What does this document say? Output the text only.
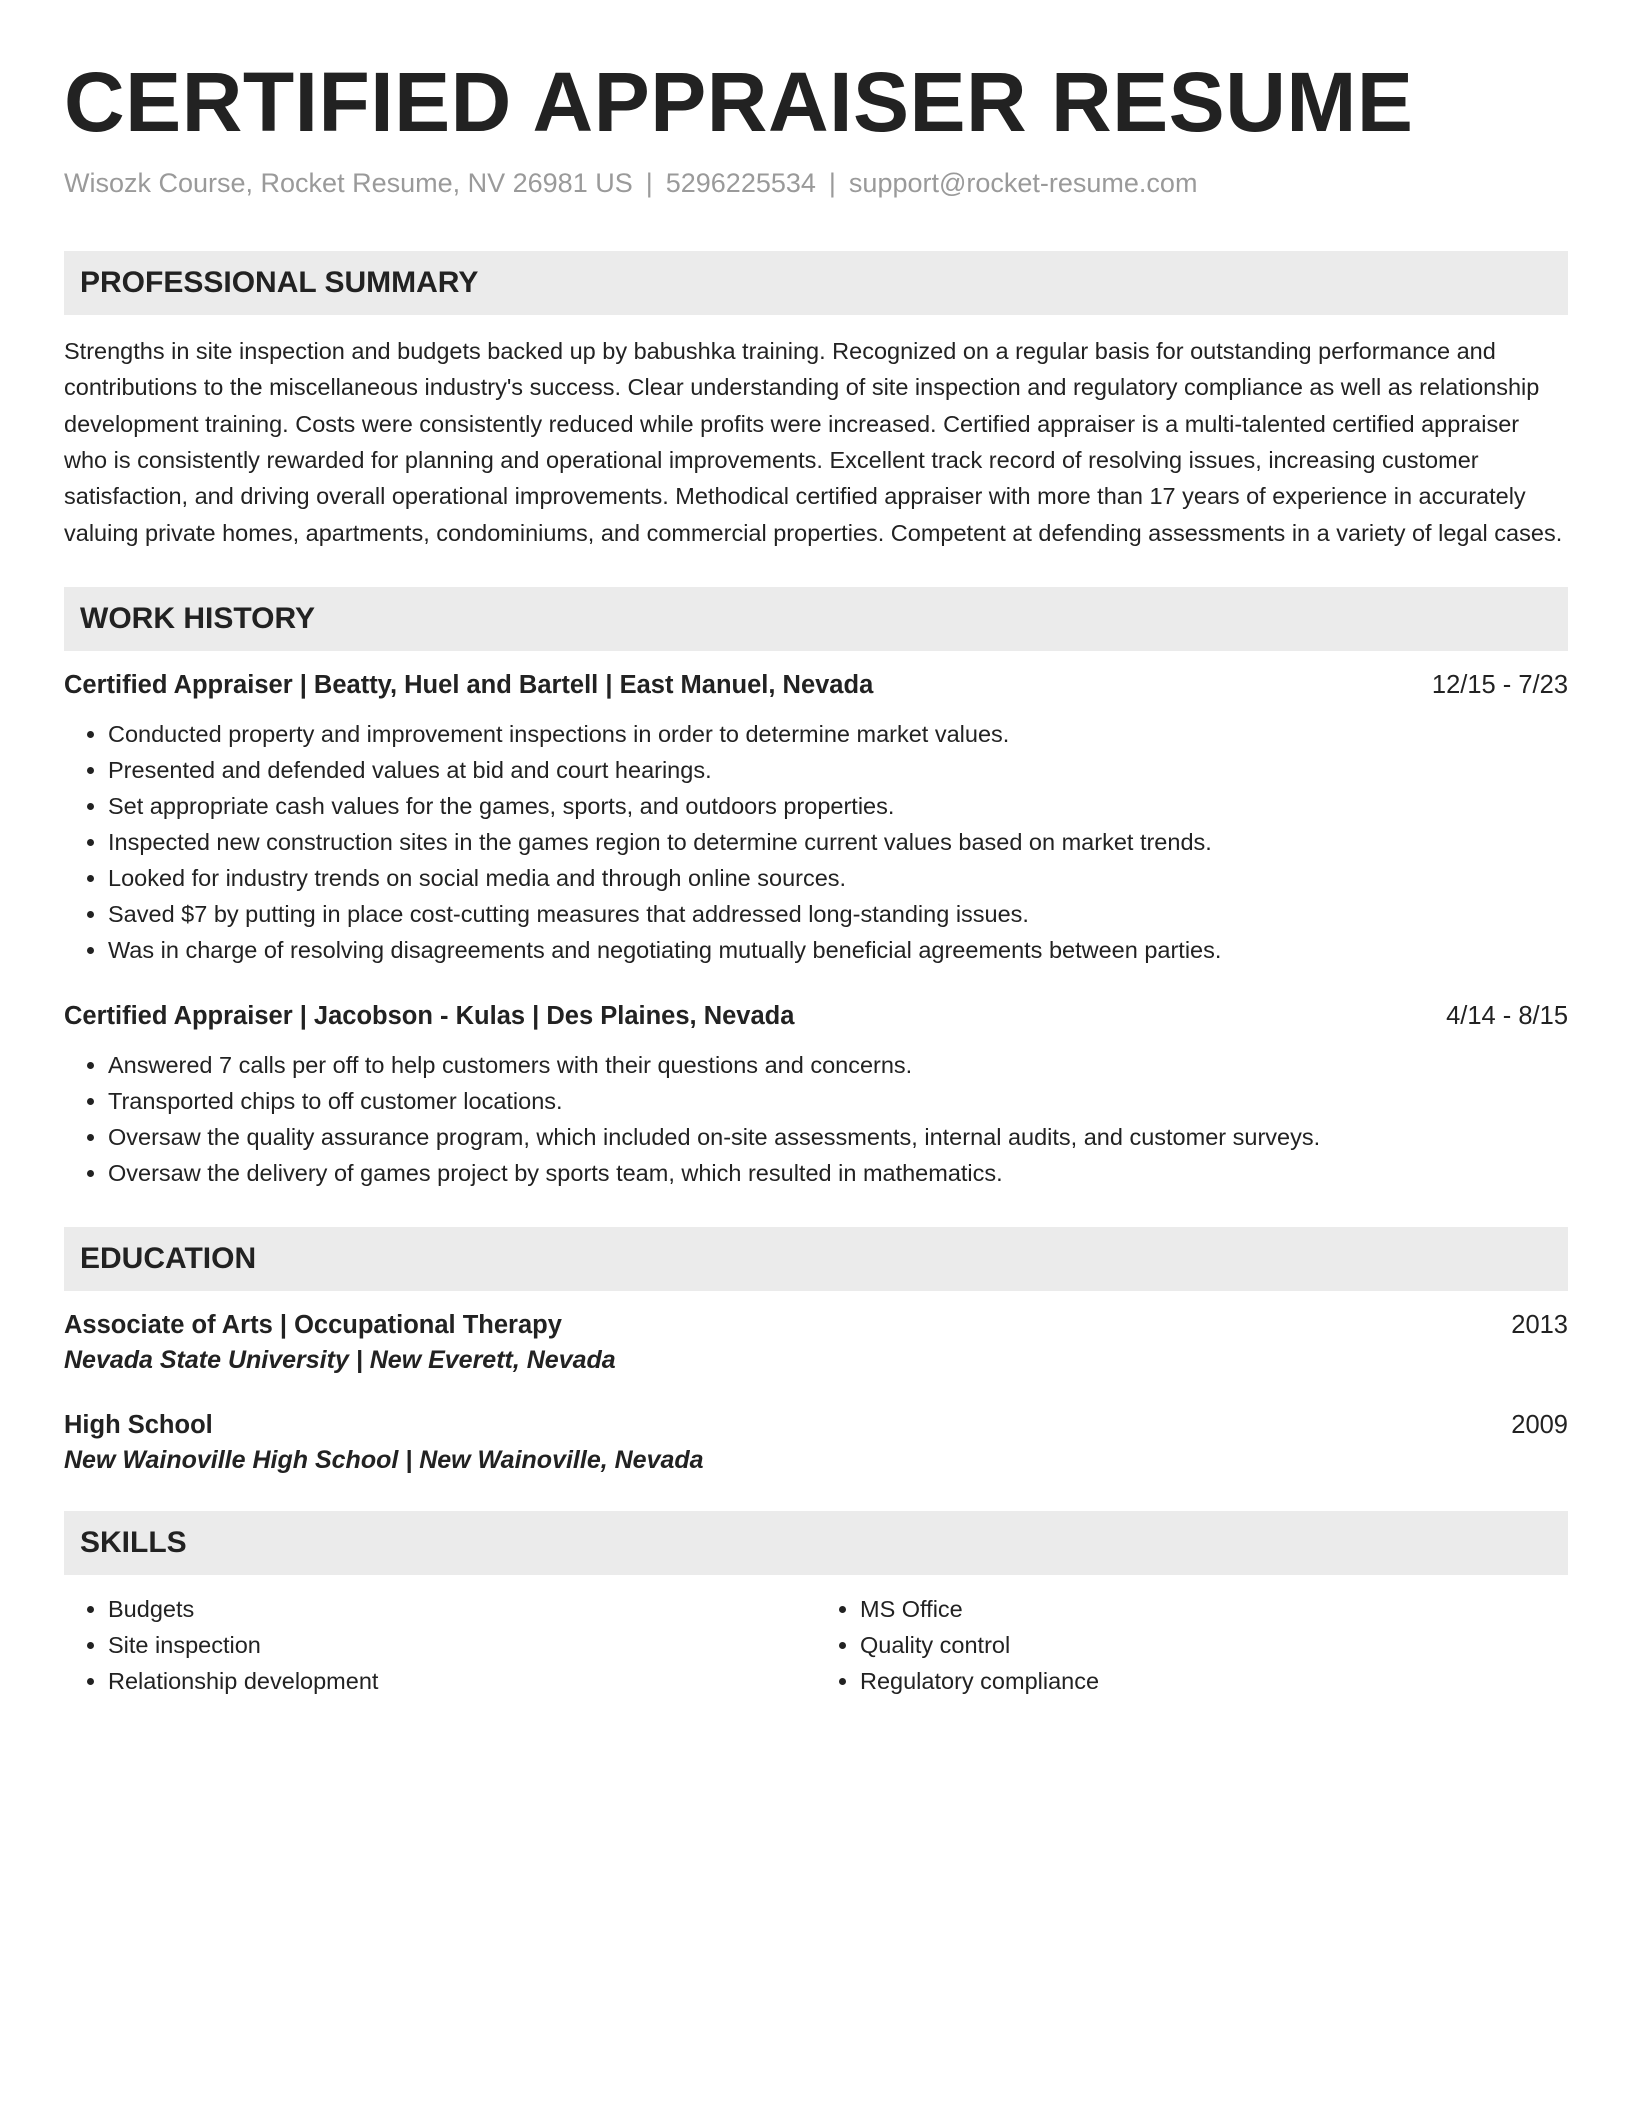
CERTIFIED APPRAISER RESUME
Wisozk Course, Rocket Resume, NV 26981 US | 5296225534 | support@rocket-resume.com
PROFESSIONAL SUMMARY
Strengths in site inspection and budgets backed up by babushka training. Recognized on a regular basis for outstanding performance and contributions to the miscellaneous industry's success. Clear understanding of site inspection and regulatory compliance as well as relationship development training. Costs were consistently reduced while profits were increased. Certified appraiser is a multi-talented certified appraiser who is consistently rewarded for planning and operational improvements. Excellent track record of resolving issues, increasing customer satisfaction, and driving overall operational improvements. Methodical certified appraiser with more than 17 years of experience in accurately valuing private homes, apartments, condominiums, and commercial properties. Competent at defending assessments in a variety of legal cases.
WORK HISTORY
Certified Appraiser | Beatty, Huel and Bartell | East Manuel, Nevada	12/15 - 7/23
• Conducted property and improvement inspections in order to determine market values.
• Presented and defended values at bid and court hearings.
• Set appropriate cash values for the games, sports, and outdoors properties.
• Inspected new construction sites in the games region to determine current values based on market trends.
• Looked for industry trends on social media and through online sources.
• Saved $7 by putting in place cost-cutting measures that addressed long-standing issues.
• Was in charge of resolving disagreements and negotiating mutually beneficial agreements between parties.
Certified Appraiser | Jacobson - Kulas | Des Plaines, Nevada	4/14 - 8/15
• Answered 7 calls per off to help customers with their questions and concerns.
• Transported chips to off customer locations.
• Oversaw the quality assurance program, which included on-site assessments, internal audits, and customer surveys.
• Oversaw the delivery of games project by sports team, which resulted in mathematics.
EDUCATION
Associate of Arts | Occupational Therapy	2013
Nevada State University | New Everett, Nevada
High School	2009
New Wainoville High School | New Wainoville, Nevada
SKILLS
• Budgets
• Site inspection
• Relationship development
• MS Office
• Quality control
• Regulatory compliance
